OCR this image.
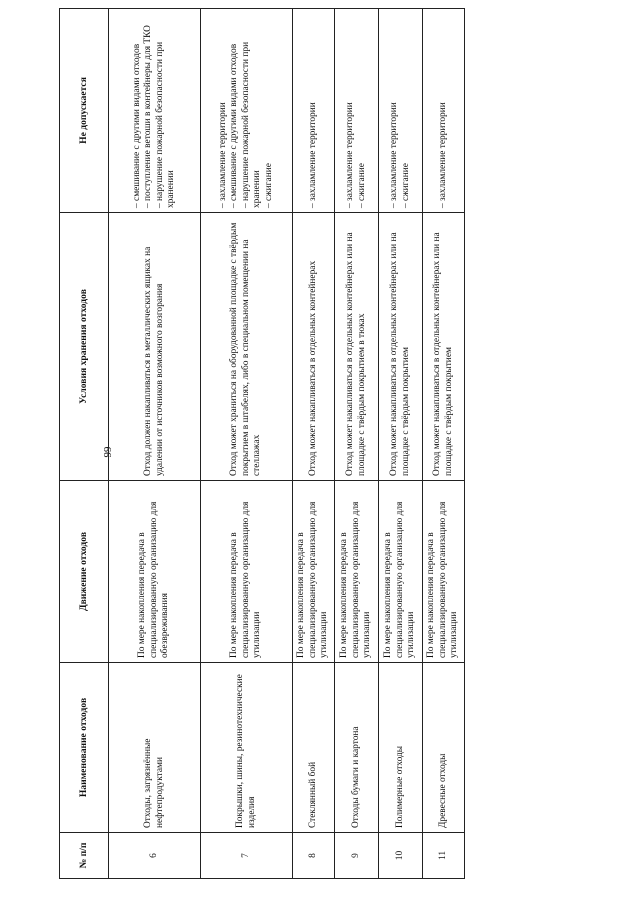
99
№ п/п	Наименование отходов	Движение отходов	Условия хранения отходов	Не допускается
6	Отходы, загрязнённые нефтепродуктами	По мере накопления передача в специализированную организацию для обезвреживания	Отход должен накапливаться в металлических ящиках на удалении от источников возможного возгорания	– смешивание с другими видами отходов – поступление ветоши в контейнеры для ТКО – нарушение пожарной безопасности при хранении

7	Покрышки, шины, резинотехнические изделия	По мере накопления передача в специализированную организацию для утилизации	Отход может храниться на оборудованной площадке с твёрдым покрытием в штабелях, либо в специальном помещении на стеллажах	– захламление территории – смешивание с другими видами отходов – нарушение пожарной безопасности при хранении – сжигание

8	Стеклянный бой	По мере накопления передача в специализированную организацию для утилизации	Отход может накапливаться в отдельных контейнерах	– захламление территории

9	Отходы бумаги и картона	По мере накопления передача в специализированную организацию для утилизации	Отход может накапливаться в отдельных контейнерах или на площадке с твёрдым покрытием в тюках	– захламление территории – сжигание

10	Полимерные отходы	По мере накопления передача в специализированную организацию для утилизации	Отход может накапливаться в отдельных контейнерах или на площадке с твёрдым покрытием	– захламление территории – сжигание

11	Древесные отходы	По мере накопления передача в специализированную организацию для утилизации	Отход может накапливаться в отдельных контейнерах или на площадке с твёрдым покрытием	– захламление территории
